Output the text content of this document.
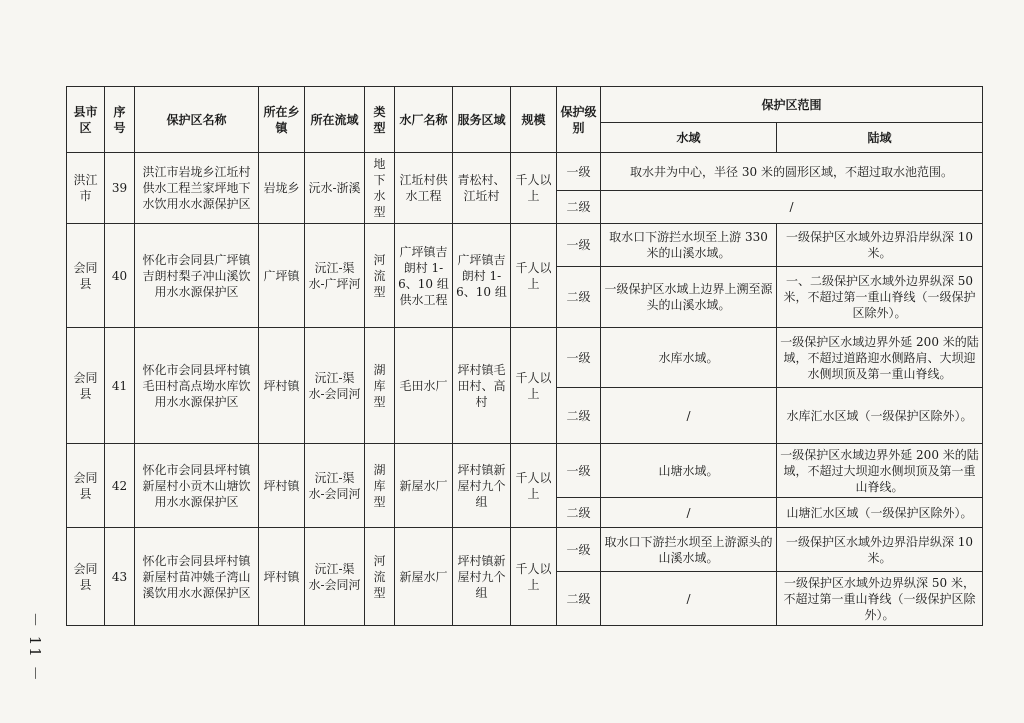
－ 11 －
县市区	序号	保护区名称	所在乡镇	所在流域	类型	水厂名称	服务区域	规模	保护级别	保护区范围	
										水域	陆域
洪江市	39	洪江市岩垅乡江坵村供水工程兰家坪地下水饮用水水源保护区	岩垅乡	沅水-浙溪	地下水型	江坵村供水工程	青松村、江坵村	千人以上	一级	取水井为中心，半径 30 米的圆形区域，不超过取水池范围。	
									二级	/	
会同县	40	怀化市会同县广坪镇吉朗村梨子冲山溪饮用水水源保护区	广坪镇	沅江-渠水-广坪河	河流型	广坪镇吉朗村 1-6、10 组供水工程	广坪镇吉朗村 1-6、10 组	千人以上	一级	取水口下游拦水坝至上游 330 米的山溪水域。	一级保护区水域外边界沿岸纵深 10 米。
									二级	一级保护区水域上边界上溯至源头的山溪水域。	一、二级保护区水域外边界纵深 50 米，不超过第一重山脊线（一级保护区除外）。
会同县	41	怀化市会同县坪村镇毛田村高点坳水库饮用水水源保护区	坪村镇	沅江-渠水-会同河	湖库型	毛田水厂	坪村镇毛田村、高村	千人以上	一级	水库水域。	一级保护区水域边界外延 200 米的陆域，不超过道路迎水侧路肩、大坝迎水侧坝顶及第一重山脊线。
									二级	/	水库汇水区域（一级保护区除外）。
会同县	42	怀化市会同县坪村镇新屋村小贡木山塘饮用水水源保护区	坪村镇	沅江-渠水-会同河	湖库型	新屋水厂	坪村镇新屋村九个组	千人以上	一级	山塘水域。	一级保护区水域边界外延 200 米的陆域，不超过大坝迎水侧坝顶及第一重山脊线。
									二级	/	山塘汇水区域（一级保护区除外）。
会同县	43	怀化市会同县坪村镇新屋村苗冲姚子湾山溪饮用水水源保护区	坪村镇	沅江-渠水-会同河	河流型	新屋水厂	坪村镇新屋村九个组	千人以上	一级	取水口下游拦水坝至上游源头的山溪水域。	一级保护区水域外边界沿岸纵深 10 米。
									二级	/	一级保护区水域外边界纵深 50 米，不超过第一重山脊线（一级保护区除外）。
